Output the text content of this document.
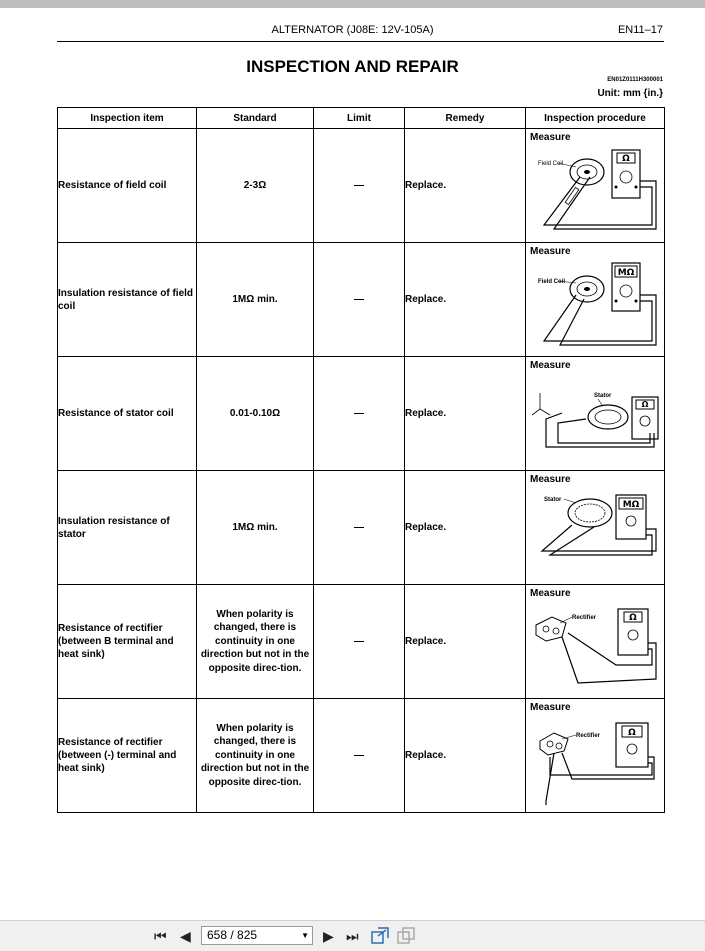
ALTERNATOR (J08E: 12V-105A)	EN11–17
INSPECTION AND REPAIR
EN01Z0111H300001
Unit: mm {in.}
Inspection item	Standard	Limit	Remedy	Inspection procedure
Resistance of field coil	2-3Ω	—	Replace.	Measure
Field Coil Ω

Insulation resistance of field coil	1MΩ min.	—	Replace.	Measure
Field Coil
MΩ

Resistance of stator coil	0.01-0.10Ω	—	Replace.	Measure
Stator
Ω

Insulation resistance of stator	1MΩ min.	—	Replace.	Measure
Stator MΩ

Resistance of rectifier (between B terminal and heat sink)	When polarity is changed, there is continuity in one direction but not in the opposite direc-tion.	—	Replace.	Measure
Rectifier Ω

Resistance of rectifier (between (-) terminal and heat sink)	When polarity is changed, there is continuity in one direction but not in the opposite direc-tion.	—	Replace.	Measure
Rectifier Ω
⏮ ◀	658 / 825	▼ ▶ ⏭
